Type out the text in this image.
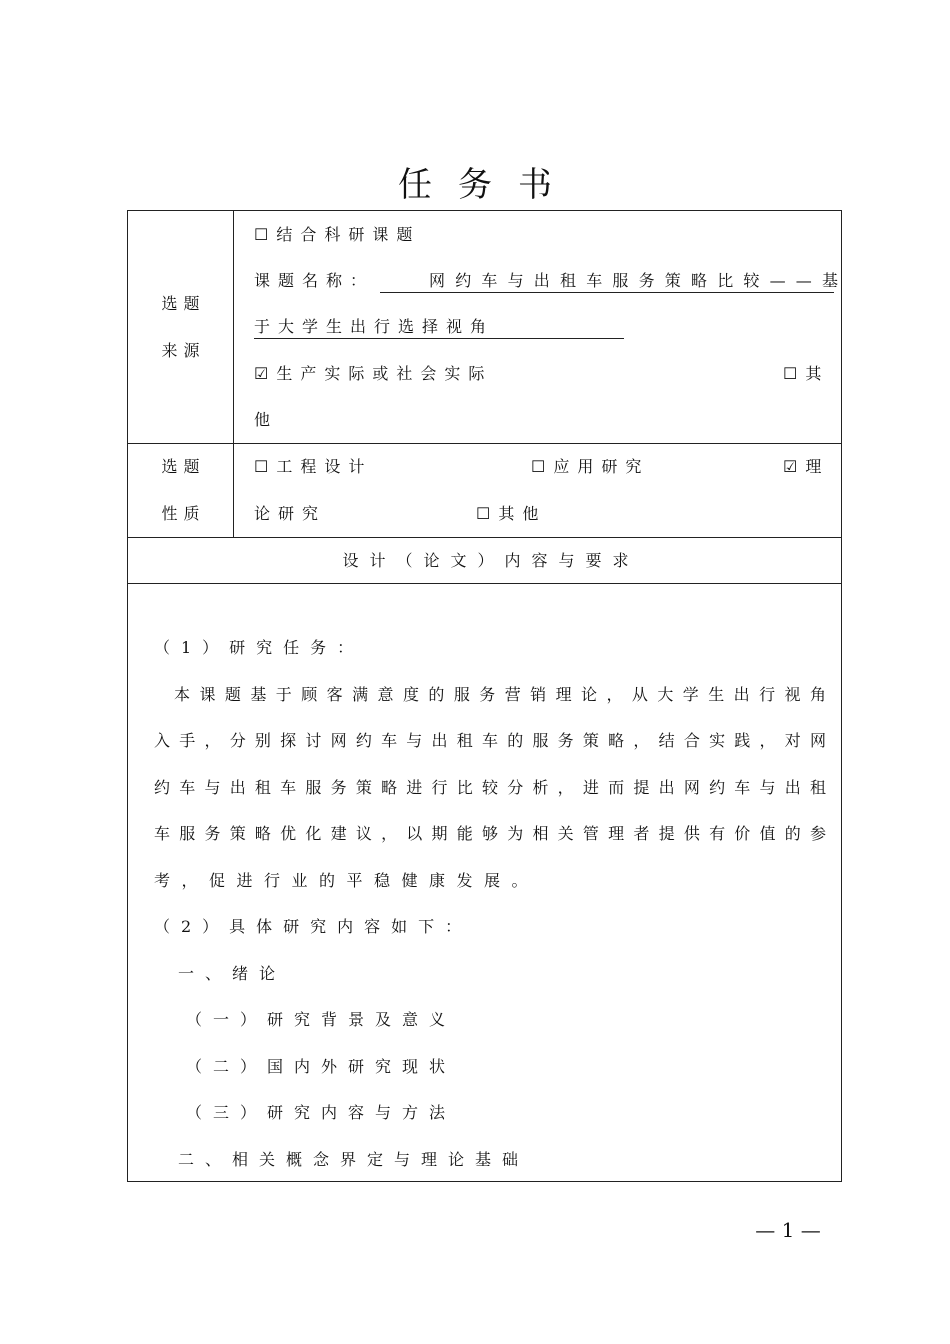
任务书
选题
来源
☐结合科研课题
课题名称：	网约车与出租车服务策略比较——基
于大学生出行选择视角
☑生产实际或社会实际	☐其
他
选题
性质
☐工程设计	☐应用研究	☑理
论研究	☐其他
设计（论文）内容与要求
（1）研究任务：
本课题基于顾客满意度的服务营销理论，从大学生出行视角
入手，分别探讨网约车与出租车的服务策略，结合实践，对网
约车与出租车服务策略进行比较分析，进而提出网约车与出租
车服务策略优化建议，以期能够为相关管理者提供有价值的参
考，促进行业的平稳健康发展。
（2）具体研究内容如下：
一、绪论
（一）研究背景及意义
（二）国内外研究现状
（三）研究内容与方法
二、相关概念界定与理论基础
— 1 —
